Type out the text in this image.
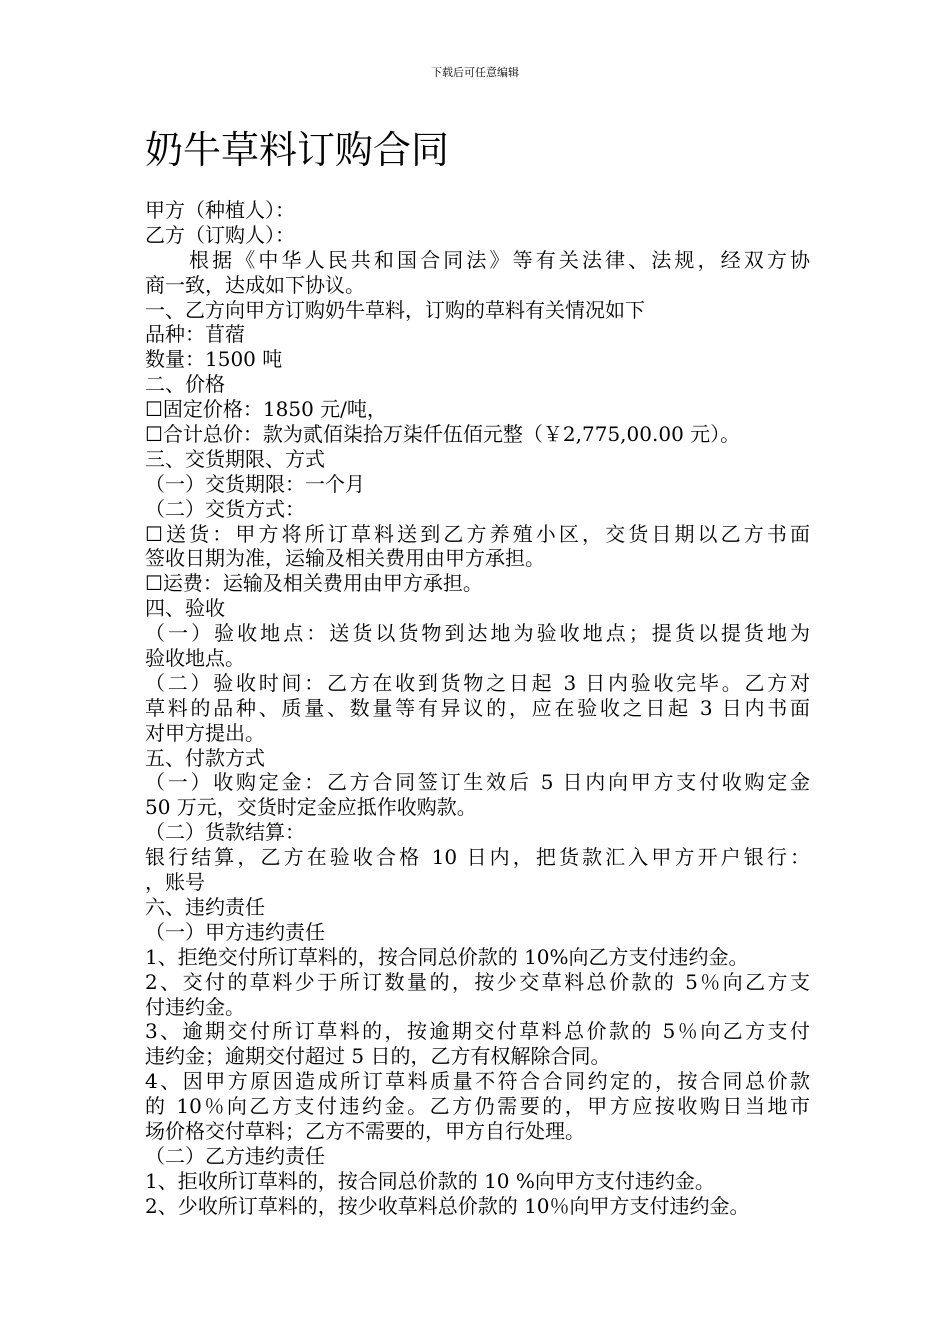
下载后可任意编辑
奶牛草料订购合同
甲方（种植人）：
乙方（订购人）：
根据《中华人民共和国合同法》等有关法律、法规，经双方协
商一致，达成如下协议。
一、乙方向甲方订购奶牛草料，订购的草料有关情况如下
品种：苜蓿
数量：1500 吨
二、价格
☐固定价格：1850 元/吨，
☐合计总价：款为贰佰柒拾万柒仟伍佰元整（￥2,775,00.00 元）。
三、交货期限、方式
（一）交货期限：一个月
（二）交货方式：
☐送货：甲方将所订草料送到乙方养殖小区，交货日期以乙方书面
签收日期为准，运输及相关费用由甲方承担。
☐运费：运输及相关费用由甲方承担。
四、验收
（一）验收地点：送货以货物到达地为验收地点；提货以提货地为
验收地点。
（二）验收时间：乙方在收到货物之日起 3 日内验收完毕。乙方对
草料的品种、质量、数量等有异议的，应在验收之日起 3 日内书面
对甲方提出。
五、付款方式
（一）收购定金：乙方合同签订生效后 5 日内向甲方支付收购定金
50 万元，交货时定金应抵作收购款。
（二）货款结算：
银行结算，乙方在验收合格 10 日内，把货款汇入甲方开户银行：
，账号
六、违约责任
（一）甲方违约责任
1、拒绝交付所订草料的，按合同总价款的 10%向乙方支付违约金。
2、交付的草料少于所订数量的，按少交草料总价款的 5％向乙方支
付违约金。
3、逾期交付所订草料的，按逾期交付草料总价款的 5％向乙方支付
违约金；逾期交付超过 5 日的，乙方有权解除合同。
4、因甲方原因造成所订草料质量不符合合同约定的，按合同总价款
的 10％向乙方支付违约金。乙方仍需要的，甲方应按收购日当地市
场价格交付草料；乙方不需要的，甲方自行处理。
（二）乙方违约责任
1、拒收所订草料的，按合同总价款的 10 %向甲方支付违约金。
2、少收所订草料的，按少收草料总价款的 10％向甲方支付违约金。
